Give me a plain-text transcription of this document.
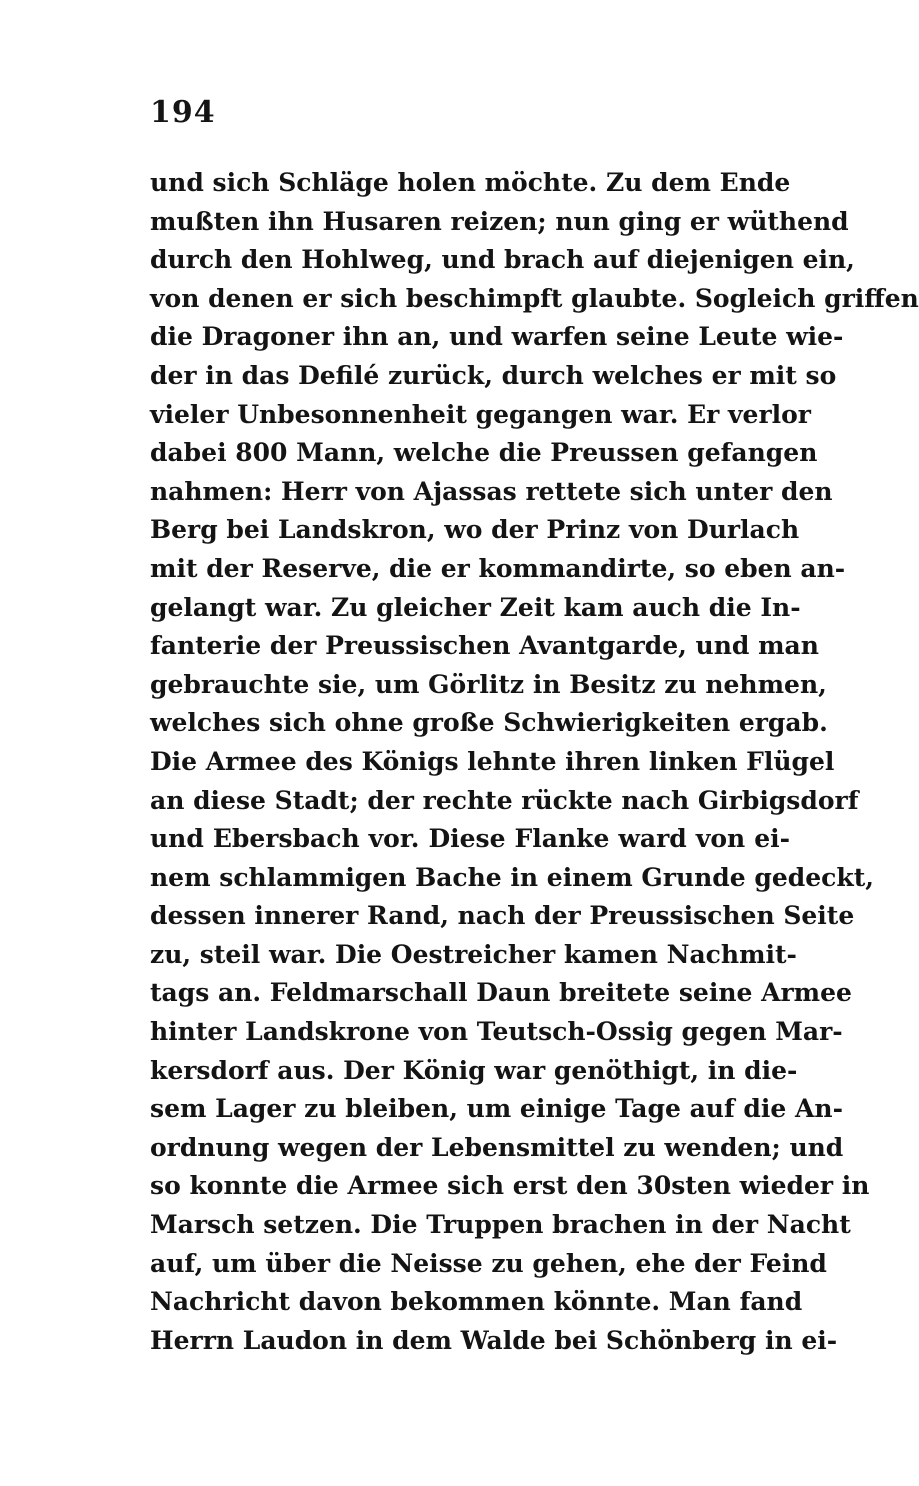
194
und sich Schläge holen möchte. Zu dem Ende
mußten ihn Husaren reizen; nun ging er wüthend
durch den Hohlweg, und brach auf diejenigen ein,
von denen er sich beschimpft glaubte. Sogleich griffen
die Dragoner ihn an, und warfen seine Leute wie-
der in das Defilé zurück, durch welches er mit so
vieler Unbesonnenheit gegangen war. Er verlor
dabei 800 Mann, welche die Preussen gefangen
nahmen: Herr von Ajassas rettete sich unter den
Berg bei Landskron, wo der Prinz von Durlach
mit der Reserve, die er kommandirte, so eben an-
gelangt war. Zu gleicher Zeit kam auch die In-
fanterie der Preussischen Avantgarde, und man
gebrauchte sie, um Görlitz in Besitz zu nehmen,
welches sich ohne große Schwierigkeiten ergab.
Die Armee des Königs lehnte ihren linken Flügel
an diese Stadt; der rechte rückte nach Girbigsdorf
und Ebersbach vor. Diese Flanke ward von ei-
nem schlammigen Bache in einem Grunde gedeckt,
dessen innerer Rand, nach der Preussischen Seite
zu, steil war. Die Oestreicher kamen Nachmit-
tags an. Feldmarschall Daun breitete seine Armee
hinter Landskrone von Teutsch-Ossig gegen Mar-
kersdorf aus. Der König war genöthigt, in die-
sem Lager zu bleiben, um einige Tage auf die An-
ordnung wegen der Lebensmittel zu wenden; und
so konnte die Armee sich erst den 30sten wieder in
Marsch setzen. Die Truppen brachen in der Nacht
auf, um über die Neisse zu gehen, ehe der Feind
Nachricht davon bekommen könnte. Man fand
Herrn Laudon in dem Walde bei Schönberg in ei-
